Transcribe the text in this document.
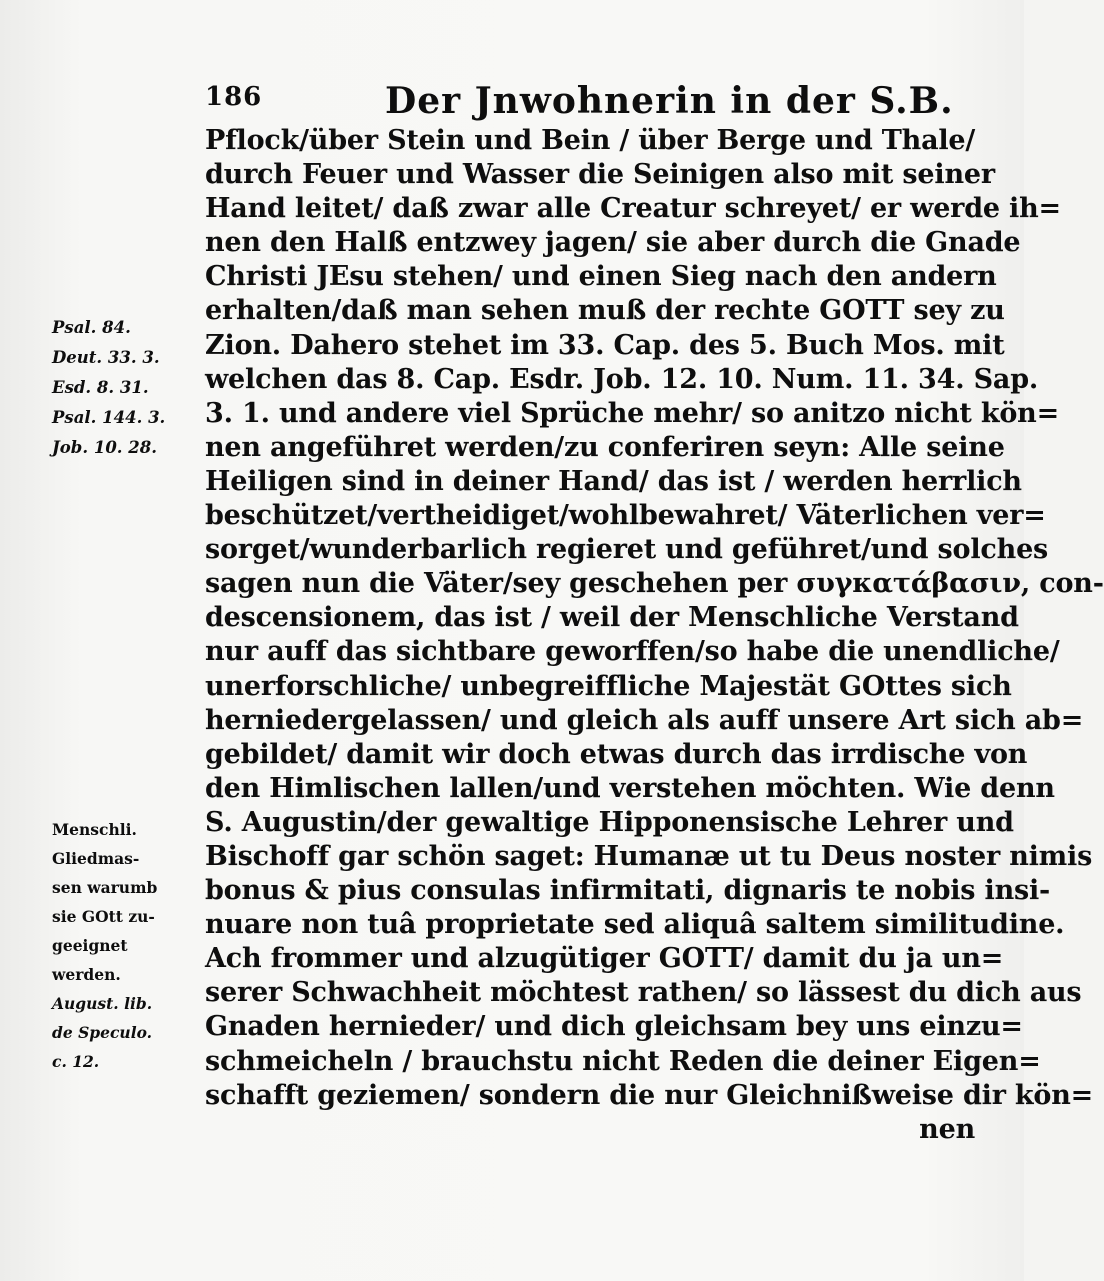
186	Der Jnwohnerin in der S.B.
Pflock/über Stein und Bein / über Berge und Thale/
durch Feuer und Wasser die Seinigen also mit seiner
Hand leitet/ daß zwar alle Creatur schreyet/ er werde ih=
nen den Halß entzwey jagen/ sie aber durch die Gnade
Christi JEsu stehen/ und einen Sieg nach den andern
erhalten/daß man sehen muß der rechte GOTT sey zu
Zion. Dahero stehet im 33. Cap. des 5. Buch Mos. mit
welchen das 8. Cap. Esdr. Job. 12. 10. Num. 11. 34. Sap.
3. 1. und andere viel Sprüche mehr/ so anitzo nicht kön=
nen angeführet werden/zu conferiren seyn: Alle seine
Heiligen sind in deiner Hand/ das ist / werden herrlich
beschützet/vertheidiget/wohlbewahret/ Väterlichen ver=
sorget/wunderbarlich regieret und geführet/und solches
sagen nun die Väter/sey geschehen per συγκατάβασιν, con-
descensionem, das ist / weil der Menschliche Verstand
nur auff das sichtbare geworffen/so habe die unendliche/
unerforschliche/ unbegreiffliche Majestät GOttes sich
herniedergelassen/ und gleich als auff unsere Art sich ab=
gebildet/ damit wir doch etwas durch das irrdische von
den Himlischen lallen/und verstehen möchten. Wie denn
S. Augustin/der gewaltige Hipponensische Lehrer und
Bischoff gar schön saget: Humanæ ut tu Deus noster nimis
bonus & pius consulas infirmitati, dignaris te nobis insi-
nuare non tuâ proprietate sed aliquâ saltem similitudine.
Ach frommer und alzugütiger GOTT/ damit du ja un=
serer Schwachheit möchtest rathen/ so lässest du dich aus
Gnaden hernieder/ und dich gleichsam bey uns einzu=
schmeicheln / brauchstu nicht Reden die deiner Eigen=
schafft geziemen/ sondern die nur Gleichnißweise dir kön=
nen
Psal. 84.
Deut. 33. 3.
Esd. 8. 31.
Psal. 144. 3.
Job. 10. 28.
Menschli.
Gliedmas-
sen warumb
sie GOtt zu-
geeignet
werden.
August. lib.
de Speculo.
c. 12.
